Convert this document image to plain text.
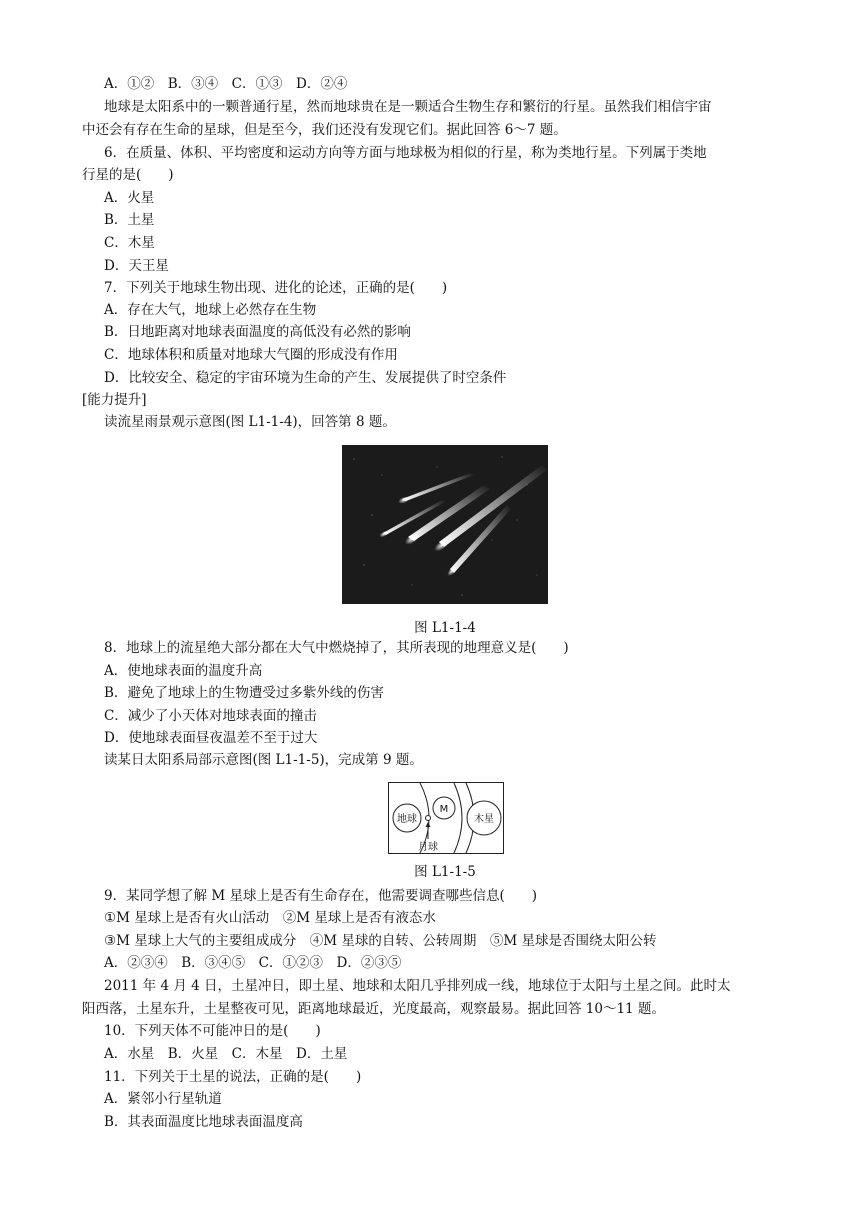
A．①②　B．③④　C．①③　D．②④
地球是太阳系中的一颗普通行星，然而地球贵在是一颗适合生物生存和繁衍的行星。虽然我们相信宇宙
中还会有存在生命的星球，但是至今，我们还没有发现它们。据此回答 6～7 题。
6．在质量、体积、平均密度和运动方向等方面与地球极为相似的行星，称为类地行星。下列属于类地
行星的是(　　)
A．火星
B．土星
C．木星
D．天王星
7．下列关于地球生物出现、进化的论述，正确的是(　　)
A．存在大气，地球上必然存在生物
B．日地距离对地球表面温度的高低没有必然的影响
C．地球体积和质量对地球大气圈的形成没有作用
D．比较安全、稳定的宇宙环境为生命的产生、发展提供了时空条件
[能力提升]
读流星雨景观示意图(图 L1-1-4)，回答第 8 题。
图 L1-1-4
8．地球上的流星绝大部分都在大气中燃烧掉了，其所表现的地理意义是(　　)
A．使地球表面的温度升高
B．避免了地球上的生物遭受过多紫外线的伤害
C．减少了小天体对地球表面的撞击
D．使地球表面昼夜温差不至于过大
读某日太阳系局部示意图(图 L1-1-5)，完成第 9 题。
地球
M
木星
月球
图 L1-1-5
9．某同学想了解 M 星球上是否有生命存在，他需要调查哪些信息(　　)
①M 星球上是否有火山活动　②M 星球上是否有液态水
③M 星球上大气的主要组成成分　④M 星球的自转、公转周期　⑤M 星球是否围绕太阳公转
A．②③④　B．③④⑤　C．①②③　D．②③⑤
2011 年 4 月 4 日，土星冲日，即土星、地球和太阳几乎排列成一线，地球位于太阳与土星之间。此时太
阳西落，土星东升，土星整夜可见，距离地球最近，光度最高，观察最易。据此回答 10～11 题。
10．下列天体不可能冲日的是(　　)
A．水星　B．火星　C．木星　D．土星
11．下列关于土星的说法，正确的是(　　)
A．紧邻小行星轨道
B．其表面温度比地球表面温度高
